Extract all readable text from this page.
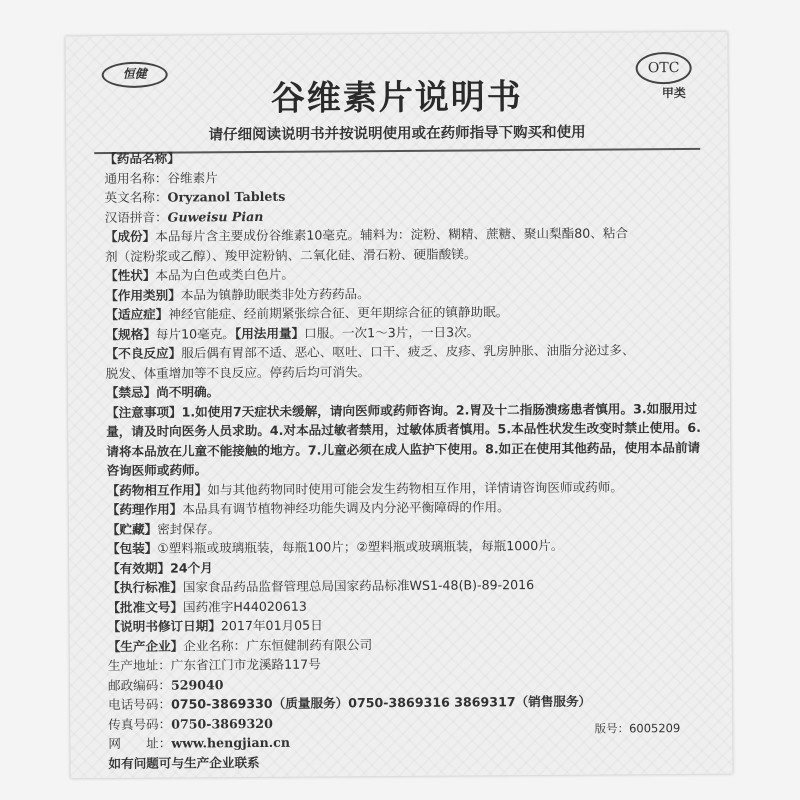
恒健	OTC
甲类
谷维素片说明书
请仔细阅读说明书并按说明使用或在药师指导下购买和使用
【药品名称】
通用名称：谷维素片
英文名称：Oryzanol Tablets
汉语拼音：Guweisu Pian
【成份】本品每片含主要成份谷维素10毫克。辅料为：淀粉、糊精、蔗糖、聚山梨酯80、粘合
剂（淀粉浆或乙醇）、羧甲淀粉钠、二氧化硅、滑石粉、硬脂酸镁。
【性状】本品为白色或类白色片。
【作用类别】本品为镇静助眠类非处方药药品。
【适应症】神经官能症、经前期紧张综合征、更年期综合征的镇静助眠。
【规格】每片10毫克。【用法用量】口服。一次1～3片，一日3次。
【不良反应】服后偶有胃部不适、恶心、呕吐、口干、疲乏、皮疹、乳房肿胀、油脂分泌过多、
脱发、体重增加等不良反应。停药后均可消失。
【禁忌】尚不明确。
【注意事项】1.如使用7天症状未缓解，请向医师或药师咨询。2.胃及十二指肠溃疡患者慎用。3.如服用过量，请及时向医务人员求助。4.对本品过敏者禁用，过敏体质者慎用。5.本品性状发生改变时禁止使用。6.请将本品放在儿童不能接触的地方。7.儿童必须在成人监护下使用。8.如正在使用其他药品，使用本品前请咨询医师或药师。
【药物相互作用】如与其他药物同时使用可能会发生药物相互作用，详情请咨询医师或药师。
【药理作用】本品具有调节植物神经功能失调及内分泌平衡障碍的作用。
【贮藏】密封保存。
【包装】①塑料瓶或玻璃瓶装，每瓶100片；②塑料瓶或玻璃瓶装，每瓶1000片。
【有效期】24个月
【执行标准】国家食品药品监督管理总局国家药品标准WS1-48(B)-89-2016
【批准文号】国药准字H44020613
【说明书修订日期】2017年01月05日
【生产企业】企业名称：广东恒健制药有限公司
生产地址：广东省江门市龙溪路117号
邮政编码：529040
电话号码：0750-3869330（质量服务）0750-3869316 3869317（销售服务）
传真号码：0750-3869320
网　　址：www.hengjian.cn
如有问题可与生产企业联系
版号：6005209
